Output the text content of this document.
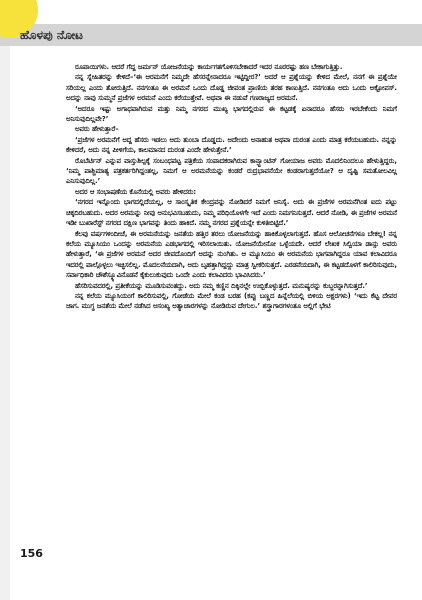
ಹೊಳಪು ನೋಟ

ರೂಪಾಯಿಗಳು. ಆದರೆ ಗೆದ್ದ ಜರ್ಮನ್ ಯೋಜನೆಯನ್ನು ಕಾರ್ಯಗತಗೊಳಿಸಬೇಕಾದರೆ ಇದರ ನೂರರಷ್ಟು ಹಣ ಬೇಕಾಗುತ್ತಿತ್ತು.

ನನ್ನ ಸ್ನೇಹಿತರನ್ನು ಕೇಳಿದೆ–‘ಈ ಆರಮನೆಗೆ ನಿಮ್ಮದೇ ಹೆಸರನ್ನೇನಾದರೂ ಇಟ್ಟಿದ್ದೀರ?’ ಅದರೆ ಆ ಪ್ರಶ್ನೆಯನ್ನು ಕೇಳಿದ ಮೇಲೆ, ನನಗೆ ಈ ಪ್ರಶ್ನೆಯೇ ಸರಿಯಲ್ಲ ಎಂದು ತೋರುತ್ತಿದೆ. ನನಗಂತೂ ಈ ಅರಮನೆ ಒಂದು ದೊಡ್ಡ ಜೀವಂತ ಪ್ರಾಣಿಯ ತರಹ ಕಾಣುತ್ತಿದೆ. ನನಗಂತೂ ಅದು ಒಂದು ಅಕ್ಟೋಪಸ್. ಅದನ್ನು ನಾವು ಸುಮ್ಮನೆ ಪ್ರಜೆಗಳ ಅರಮನೆ ಎಂದು ಕರೆಯುತ್ತೇವೆ. ಅಥವಾ ಈ ನಡುವೆ ಗಣರಾಜ್ಯದ ಅರಮನೆ.

‘ಅದರೂ ಇಷ್ಟು ಅಗಾಧವಾಗಿರುವ ಮತ್ತು ನಿಮ್ಮ ನಗರದ ಮುಖ್ಯ ಭಾಗದಲ್ಲಿರುವ ಈ ಕಟ್ಟಡಕ್ಕೆ ಏನಾದರೂ ಹೆಸರು ಇರಬೇಕೆಂದು ನಿಮಗೆ ಅನಿಸುವುದಿಲ್ಲವೇ?’

ಅವರು ಹೇಳುತ್ತಾರೆ–

‘ಪ್ರಜೆಗಳ ಅರಮನೆಗೆ ಅದ್ದ ಹೆಸರು ಇಡಲು ಅದು ತುಂಬಾ ದೊಡ್ಡದು. ಅದೇಂದು ಅನಾಹುತ ಅಥವಾ ದುರಂತ ಎಂದು ಮಾತ್ರ ಕರೆಯಬಹುದು. ನನ್ನನ್ನು ಕೇಳಿದರೆ, ಅದು ನನ್ನ ಪೀಳಿಗೆಯ, ಕಾಲಮಾನದ ದುರಂತ ಎಂದೇ ಹೇಳುತ್ತೇನೆ.’

ರೊಬೆರ್ಟಿನ್ ಎನ್ನುವ ವಾಸ್ತುಶಿಲ್ಪಕ್ಕೆ ಸಂಬಂಧಪಟ್ಟ ಪತ್ರಿಕೆಯ ಸಂಪಾದಕರಾಗಿರುವ ಕಾನ್ಸ್ಟಾಂಟಿನ್ ಗೋಯಾಜ ಅವರು ಮೊದಲಿನಿಂದಲೂ ಹೇಳುತ್ತಿದ್ದರು, ‘ನಿಮ್ಮ ಪಾಶ್ಚಿಮಾತ್ಯ ಪತ್ರಕರ್ತರಿಗಿದ್ದಂತಲ್ಲ, ನಿಮಗೆ ಆ ಅರಮನೆಯನ್ನು ಕಂಡರೆ ರುದ್ರಭಾವನೆಯೇ ಕಂಡರಾಗುತ್ತದೆಯೋ? ಆ ದೃಷ್ಟಿ ಸಮತೋಲವಿಲ್ಲ ಎನಿಸುವುದಿಲ್ಲ.’

ಅದರ ಆ ಸಂಭಾಷಣೆಯ ಕೊನೆಯಲ್ಲಿ ಅವರು ಹೇಳಿದರು:

‘ನಗರದ ಇನ್ನೊಂದು ಭಾಗದಲ್ಲಿದೆಯಲ್ಲ, ಆ ಸಾಂಸ್ಕೃತಿಕ ಕೇಂದ್ರವನ್ನು ನೋಡಿದರೆ ನಿಮಗೆ ಅನಿಸೈ. ಅದು ಈ ಪ್ರಜೆಗಳ ಅರಮನೆಗಿಂತ ಐದು ಪಟ್ಟು ಚಿಕ್ಕದಿರಬಹುದು. ಅದರ ಅರಮನ್ನು ನೀವು ಅನುಭವಿಸಬಹುದು, ನಿಮ್ಮ ಪರಿಧಿಯೊಳಗೇ ಇದೆ ಎಂದು ನಿಮಗನಿಸುತ್ತದೆ. ಆದರೆ ನೋಡಿ, ಈ ಪ್ರಜೆಗಳ ಅರಮನೆ ಇಡೀ ಬುಖಾರೆಸ್ಟ್ ನಗರದ ದಕ್ಷಿಣ ಭಾಗವನ್ನು ತಿಂದು ಹಾಕಿದೆ. ನಮ್ಮ ನಗರದ ಪ್ರಶ್ನೆಯನ್ನೇ ಕುಳಿತಿಬಿಟ್ಟಿದೆ.’

ಕೆಲವು ವರ್ಷಗಳಿಂದೀಚೆ, ಈ ಅರಮನೆಯನ್ನು ಜನತೆಯ ಹತ್ತಿರ ತರಲು ಯೋಜನೆಯನ್ನು ಹಾಕಿಕೊಳ್ಳಲಾಗುತ್ತದೆ. ಹೊಸ ಆಲೋಚನೆಗಳೂ ಬೇಕಲ್ಲ! ನನ್ನ ಕಲೆಯ ಮ್ಯೂಸಿಯಂ ಒಂದನ್ನು ಅರಮನೆಯ ಎಡಭಾಗದಲ್ಲಿ ಇರಿಸಲಾಯಿತು. ಯೋಜನೆಯೇನೋ ಒಳ್ಳೆಯದೇ. ಆದರೆ ಲೇಖಕ ಸಿಲ್ವಿಯಾ ಡಾನ್ಸು ಅವರು ಹೇಳುತ್ತಾರೆ, ‘ಈ ಪ್ರಜೆಗಳ ಅರಮನೆ ಅದರ ಜೀವದೊಂದಿಗೆ ಅದನ್ನು ನುಂಗಿತು. ಆ ಮ್ಯೂಸಿಯಂ ಈ ಅರಮನೆಯ ಭಾಗವಾಗಿದ್ದರೂ ಯಾವ ಕಲಾವಿದರೂ ಇದರಲ್ಲಿ ಪಾಲ್ಗೊಳ್ಳಲು ಇಚ್ಛಿಸಲಿಲ್ಲ. ಮೊದಲನೆಯದಾಗಿ, ಅದು ಬೃಹತ್ತಾಗಿದ್ದದ್ದು ಮಾತ್ರ ಸ್ವೀಕರಿಸುತ್ತದೆ. ಎರಡನೆಯದಾಗಿ, ಈ ಕಟ್ಟಡದೊಳಗೆ ಕಾಲಿರಿಸುವುದು, ಸರ್ವಾಧಿಕಾರಿ ಚೌಶೆಸ್ಕ್ಯೂವಿನೊಡನೆ ಕೈಕುಲುಕುವುದು ಒಂದೇ ಎಂದು ಕಲಾವಿದರು ಭಾವಿಸಿದರು.’

ಹೆಸರಿಸುವದರಲ್ಲಿ, ಪ್ರತೀಕೆಯನ್ನು ಮೂಡಿಸುವಂತದ್ದು. ಅದು ನಮ್ಮ ಕಣ್ಣಿನ ದಿಕ್ಕಿನಲ್ಲೇ ಉಬ್ಬಿಕೊಳ್ಳುತ್ತದೆ. ಮನುಷ್ಯರನ್ನು ಕುಬ್ಜರನ್ನಾಗಿಸುತ್ತದೆ.’

ನನ್ನ ಕಲೆಯ ಮ್ಯೂಸಿಯಂಗೆ ಕಾಲಿರಿಸುವಲ್ಲಿ, ಗೋಡೆಯ ಮೇಲೆ ಕಂಡ ಬರಹ (ಕಪ್ಪು ಬಣ್ಣದ ಹಿನ್ನೆಲೆಯಲ್ಲಿ ಬಿಳಿಯ ಅಕ್ಷರಗಳು) ‘ಇದು ಕೆಟ್ಟ ದೇವರ ಜಾಗ. ಮುಗ್ಧ ಜನತೆಯ ಮೇಲೆ ನಡೆಸಿದ ಅಸಂಖ್ಯ ಅತ್ಯಾಚಾರಗಳನ್ನು ನೋಡಿರುವ ದೇಗುಲ.’ ಶಸ್ತ್ರಾಗಾರಗಳಂತೂ ಅಲ್ಲಿಗೆ ಭೇಟಿ

156
